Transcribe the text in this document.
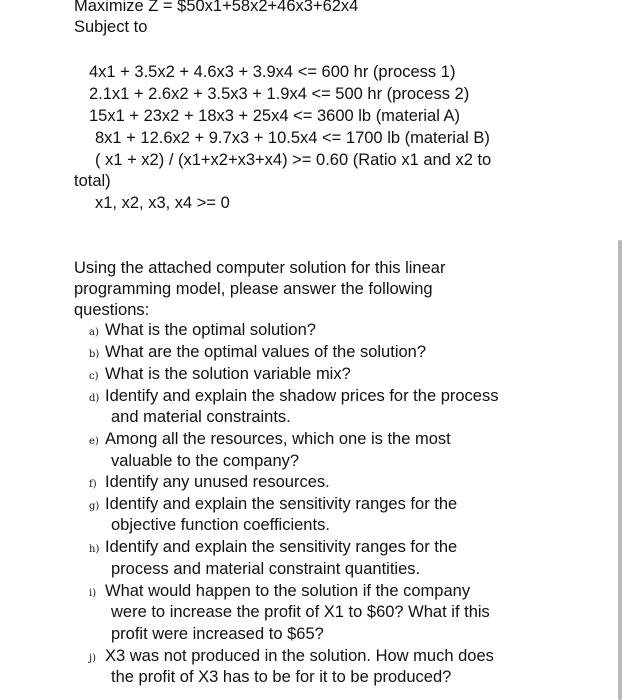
Maximize Z = $50x1+58x2+46x3+62x4
Subject to
4x1 + 3.5x2 + 4.6x3 + 3.9x4 <= 600 hr (process 1)
2.1x1 + 2.6x2 + 3.5x3 + 1.9x4 <= 500 hr (process 2)
15x1 + 23x2 + 18x3 + 25x4 <= 3600 lb (material A)
8x1 + 12.6x2 + 9.7x3 + 10.5x4 <= 1700 lb (material B)
( x1 + x2) / (x1+x2+x3+x4) >= 0.60 (Ratio x1 and x2 to
total)
x1, x2, x3, x4 >= 0
Using the attached computer solution for this linear
programming model, please answer the following
questions:
a) What is the optimal solution?
b) What are the optimal values of the solution?
c) What is the solution variable mix?
d) Identify and explain the shadow prices for the process
and material constraints.
e) Among all the resources, which one is the most
valuable to the company?
f) Identify any unused resources.
g) Identify and explain the sensitivity ranges for the
objective function coefficients.
h) Identify and explain the sensitivity ranges for the
process and material constraint quantities.
i) What would happen to the solution if the company
were to increase the profit of X1 to $60? What if this
profit were increased to $65?
j) X3 was not produced in the solution. How much does
the profit of X3 has to be for it to be produced?
